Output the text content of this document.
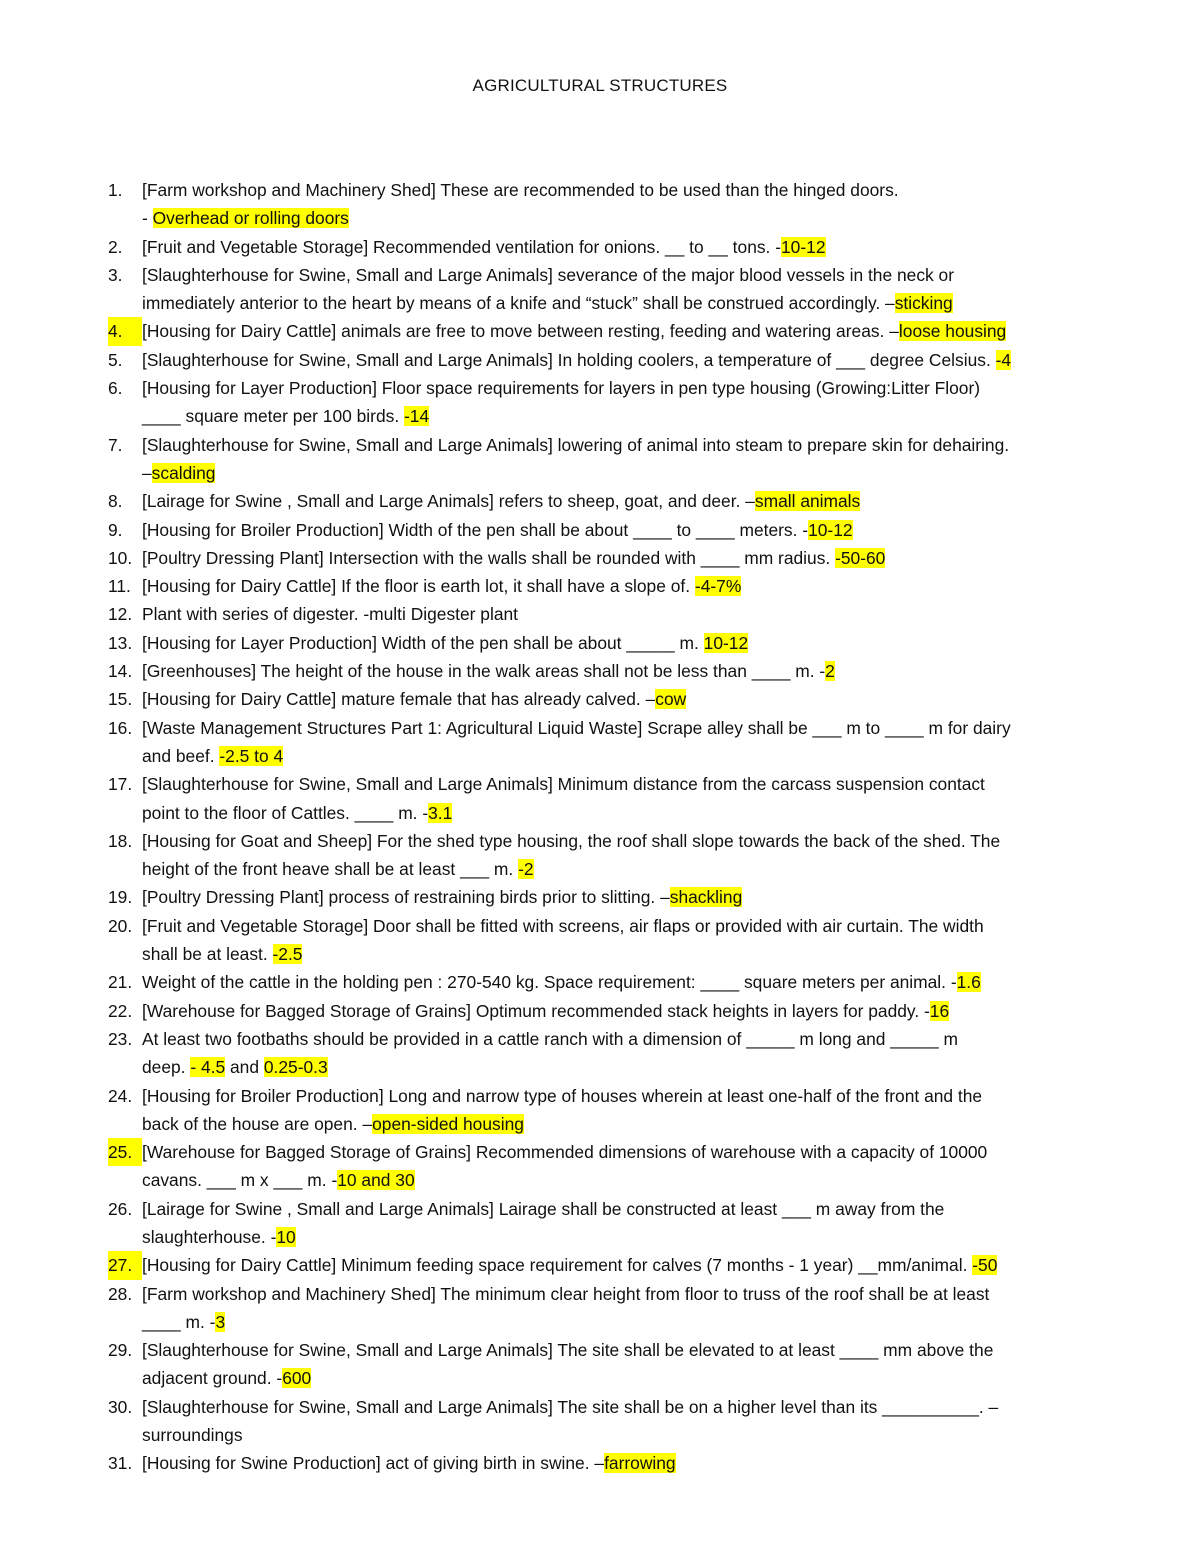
AGRICULTURAL STRUCTURES
1.	[Farm workshop and Machinery Shed] These are recommended to be used than the hinged doors.
- Overhead or rolling doors
2.	[Fruit and Vegetable Storage] Recommended ventilation for onions. __ to __ tons. -10-12
3.	[Slaughterhouse for Swine, Small and Large Animals] severance of the major blood vessels in the neck or
immediately anterior to the heart by means of a knife and “stuck” shall be construed accordingly. –sticking
4.	[Housing for Dairy Cattle] animals are free to move between resting, feeding and watering areas. –loose housing
5.	[Slaughterhouse for Swine, Small and Large Animals] In holding coolers, a temperature of ___ degree Celsius. -4
6.	[Housing for Layer Production] Floor space requirements for layers in pen type housing (Growing:Litter Floor)
____ square meter per 100 birds. -14
7.	[Slaughterhouse for Swine, Small and Large Animals] lowering of animal into steam to prepare skin for dehairing.
–scalding
8.	[Lairage for Swine , Small and Large Animals] refers to sheep, goat, and deer. –small animals
9.	[Housing for Broiler Production] Width of the pen shall be about ____ to ____ meters. -10-12
10. [Poultry Dressing Plant] Intersection with the walls shall be rounded with ____ mm radius. -50-60
11. [Housing for Dairy Cattle] If the floor is earth lot, it shall have a slope of. -4-7%
12. Plant with series of digester. -multi Digester plant
13. [Housing for Layer Production] Width of the pen shall be about _____ m. 10-12
14. [Greenhouses] The height of the house in the walk areas shall not be less than ____ m. -2
15. [Housing for Dairy Cattle] mature female that has already calved. –cow
16. [Waste Management Structures Part 1: Agricultural Liquid Waste] Scrape alley shall be ___ m to ____ m for dairy
and beef. -2.5 to 4
17. [Slaughterhouse for Swine, Small and Large Animals] Minimum distance from the carcass suspension contact
point to the floor of Cattles. ____ m. -3.1
18. [Housing for Goat and Sheep] For the shed type housing, the roof shall slope towards the back of the shed. The
height of the front heave shall be at least ___ m. -2
19. [Poultry Dressing Plant] process of restraining birds prior to slitting. –shackling
20. [Fruit and Vegetable Storage] Door shall be fitted with screens, air flaps or provided with air curtain. The width
shall be at least. -2.5
21. Weight of the cattle in the holding pen : 270-540 kg. Space requirement: ____ square meters per animal. -1.6
22. [Warehouse for Bagged Storage of Grains] Optimum recommended stack heights in layers for paddy. -16
23. At least two footbaths should be provided in a cattle ranch with a dimension of _____ m long and _____ m
deep. - 4.5 and 0.25-0.3
24. [Housing for Broiler Production] Long and narrow type of houses wherein at least one-half of the front and the
back of the house are open. –open-sided housing
25. [Warehouse for Bagged Storage of Grains] Recommended dimensions of warehouse with a capacity of 10000
cavans. ___ m x ___ m. -10 and 30
26. [Lairage for Swine , Small and Large Animals] Lairage shall be constructed at least ___ m away from the
slaughterhouse. -10
27. [Housing for Dairy Cattle] Minimum feeding space requirement for calves (7 months - 1 year) __mm/animal. -50
28. [Farm workshop and Machinery Shed] The minimum clear height from floor to truss of the roof shall be at least
____ m. -3
29. [Slaughterhouse for Swine, Small and Large Animals] The site shall be elevated to at least ____ mm above the
adjacent ground. -600
30. [Slaughterhouse for Swine, Small and Large Animals] The site shall be on a higher level than its __________. –
surroundings
31. [Housing for Swine Production] act of giving birth in swine. –farrowing
